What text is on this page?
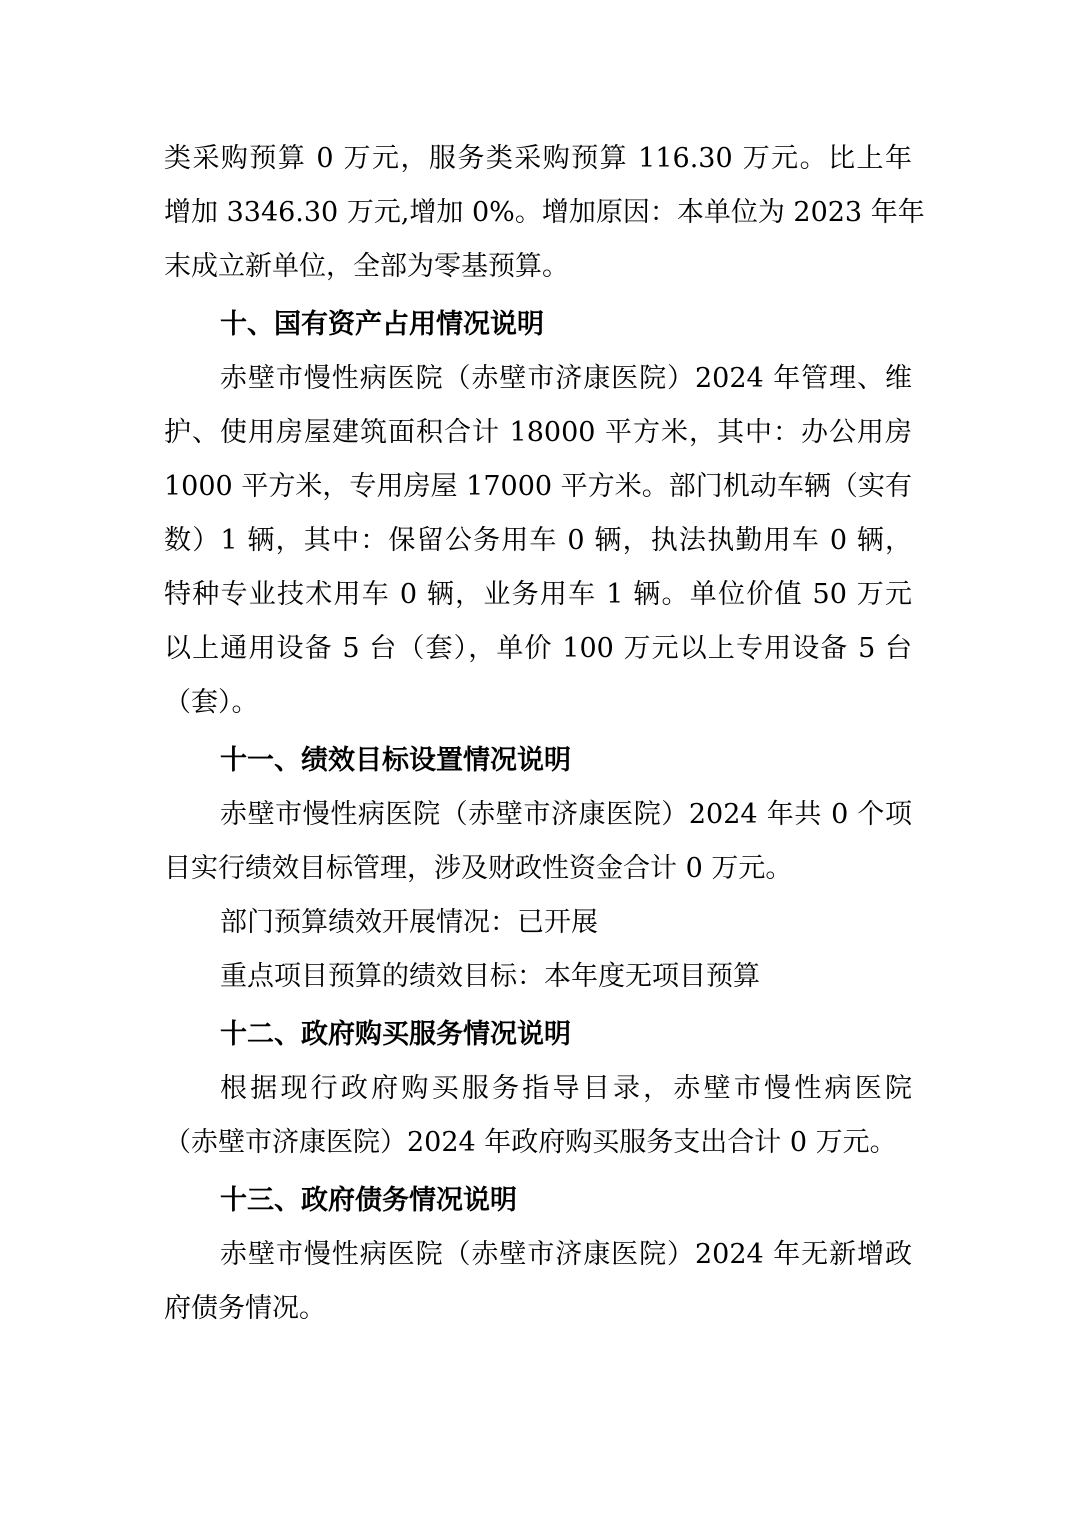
类采购预算 0 万元，服务类采购预算 116.30 万元。比上年
增加 3346.30 万元,增加 0%。增加原因：本单位为 2023 年年
末成立新单位，全部为零基预算。
十、国有资产占用情况说明
赤壁市慢性病医院（赤壁市济康医院）2024 年管理、维
护、使用房屋建筑面积合计 18000 平方米，其中：办公用房
1000 平方米，专用房屋 17000 平方米。部门机动车辆（实有
数）1 辆，其中：保留公务用车 0 辆，执法执勤用车 0 辆，
特种专业技术用车 0 辆，业务用车 1 辆。单位价值 50 万元
以上通用设备 5 台（套），单价 100 万元以上专用设备 5 台
（套）。
十一、绩效目标设置情况说明
赤壁市慢性病医院（赤壁市济康医院）2024 年共 0 个项
目实行绩效目标管理，涉及财政性资金合计 0 万元。
部门预算绩效开展情况：已开展
重点项目预算的绩效目标：本年度无项目预算
十二、政府购买服务情况说明
根据现行政府购买服务指导目录，赤壁市慢性病医院
（赤壁市济康医院）2024 年政府购买服务支出合计 0 万元。
十三、政府债务情况说明
赤壁市慢性病医院（赤壁市济康医院）2024 年无新增政
府债务情况。
